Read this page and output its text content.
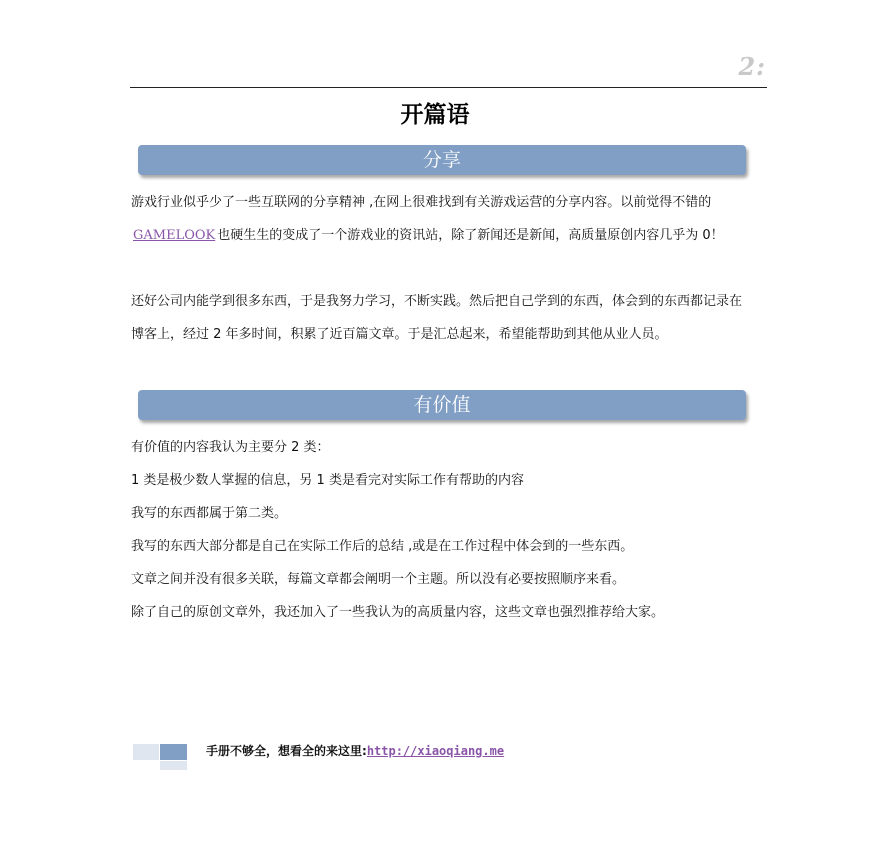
2:
开篇语
分享
游戏行业似乎少了一些互联网的分享精神 ,在网上很难找到有关游戏运营的分享内容。以前觉得不错的GAMELOOK 也硬生生的变成了一个游戏业的资讯站，除了新闻还是新闻，高质量原创内容几乎为 0！
还好公司内能学到很多东西，于是我努力学习，不断实践。然后把自己学到的东西，体会到的东西都记录在博客上，经过 2 年多时间，积累了近百篇文章。于是汇总起来，希望能帮助到其他从业人员。
有价值
有价值的内容我认为主要分 2 类：
1 类是极少数人掌握的信息，另 1 类是看完对实际工作有帮助的内容
我写的东西都属于第二类。
我写的东西大部分都是自己在实际工作后的总结 ,或是在工作过程中体会到的一些东西。
文章之间并没有很多关联，每篇文章都会阐明一个主题。所以没有必要按照顺序来看。
除了自己的原创文章外，我还加入了一些我认为的高质量内容，这些文章也强烈推荐给大家。
手册不够全，想看全的来这里:http://xiaoqiang.me
